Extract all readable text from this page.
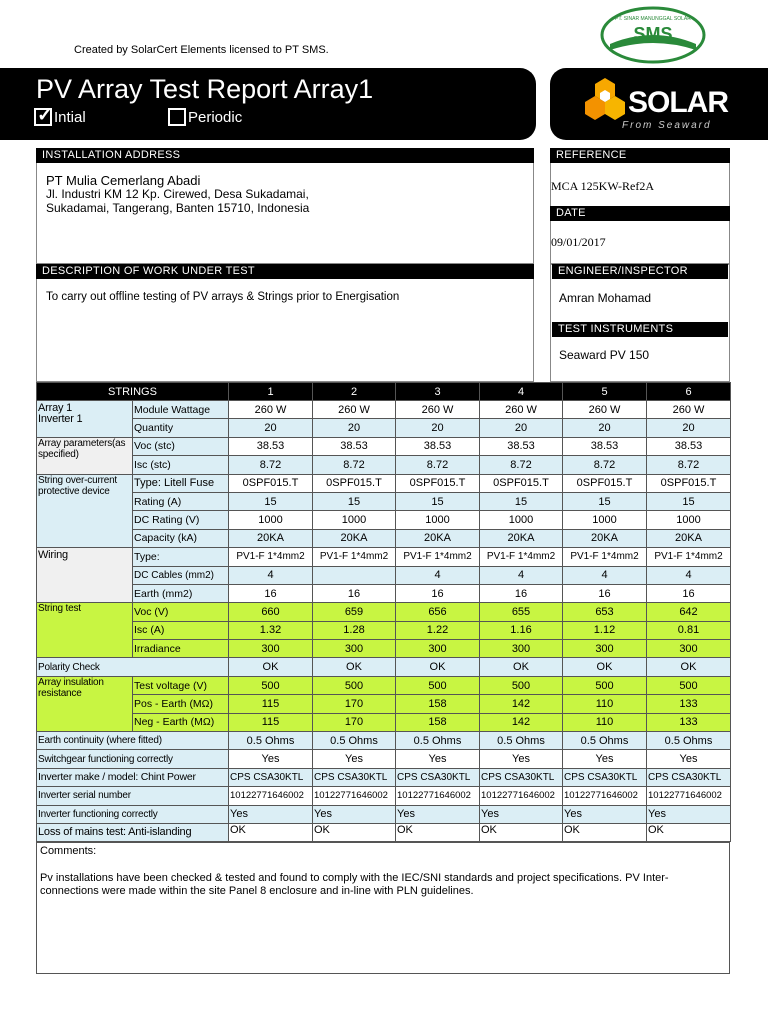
Created by SolarCert Elements licensed to PT SMS.
SMS
PT. SINAR MANUNGGAL SOLAR
PV Array Test Report Array1
✓
Intial	Periodic	SOLAR
From Seaward
INSTALLATION ADDRESS
PT Mulia Cemerlang Abadi
Jl. Industri KM 12 Kp. Cirewed, Desa Sukadamai,
Sukadamai, Tangerang, Banten 15710, Indonesia
REFERENCE
MCA 125KW-Ref2A
DATE
09/01/2017
DESCRIPTION OF WORK UNDER TEST
To carry out offline testing of PV arrays & Strings prior to Energisation
ENGINEER/INSPECTOR
Amran Mohamad
TEST INSTRUMENTS
Seaward PV 150
STRINGS		1	2	3	4	5	6
Array 1
Inverter 1	Module Wattage	260 W	260 W	260 W	260 W	260 W	260 W
	Quantity	20	20	20	20	20	20
Array parameters(as specified)	Voc (stc)	38.53	38.53	38.53	38.53	38.53	38.53
	Isc (stc)	8.72	8.72	8.72	8.72	8.72	8.72
String over-current protective device	Type: Litell Fuse	0SPF015.T	0SPF015.T	0SPF015.T	0SPF015.T	0SPF015.T	0SPF015.T
	Rating (A)	15	15	15	15	15	15
	DC Rating (V)	1000	1000	1000	1000	1000	1000
	Capacity (kA)	20KA	20KA	20KA	20KA	20KA	20KA
Wiring	Type:	PV1-F 1*4mm2	PV1-F 1*4mm2	PV1-F 1*4mm2	PV1-F 1*4mm2	PV1-F 1*4mm2	PV1-F 1*4mm2
	DC Cables (mm2)	4		4	4	4	4
	Earth (mm2)	16	16	16	16	16	16
String test	Voc (V)	660	659	656	655	653	642
	Isc (A)	1.32	1.28	1.22	1.16	1.12	0.81
	Irradiance	300	300	300	300	300	300
Polarity Check		OK	OK	OK	OK	OK	OK
Array insulation resistance	Test voltage (V)	500	500	500	500	500	500
	Pos - Earth (MΩ)	115	170	158	142	110	133
	Neg - Earth (MΩ)	115	170	158	142	110	133
Earth continuity (where fitted)		0.5 Ohms	0.5 Ohms	0.5 Ohms	0.5 Ohms	0.5 Ohms	0.5 Ohms
Switchgear functioning correctly		Yes	Yes	Yes	Yes	Yes	Yes
Inverter make / model: Chint Power		CPS CSA30KTL	CPS CSA30KTL	CPS CSA30KTL	CPS CSA30KTL	CPS CSA30KTL	CPS CSA30KTL
Inverter serial number		10122771646002	10122771646002	10122771646002	10122771646002	10122771646002	10122771646002
Inverter functioning correctly		Yes	Yes	Yes	Yes	Yes	Yes
Loss of mains test: Anti-islanding		OK	OK	OK	OK	OK	OK
Comments:
Pv installations have been checked & tested and found to comply with the IEC/SNI standards and project specifications. PV Inter-
connections were made within the site Panel 8 enclosure and in-line with PLN guidelines.
